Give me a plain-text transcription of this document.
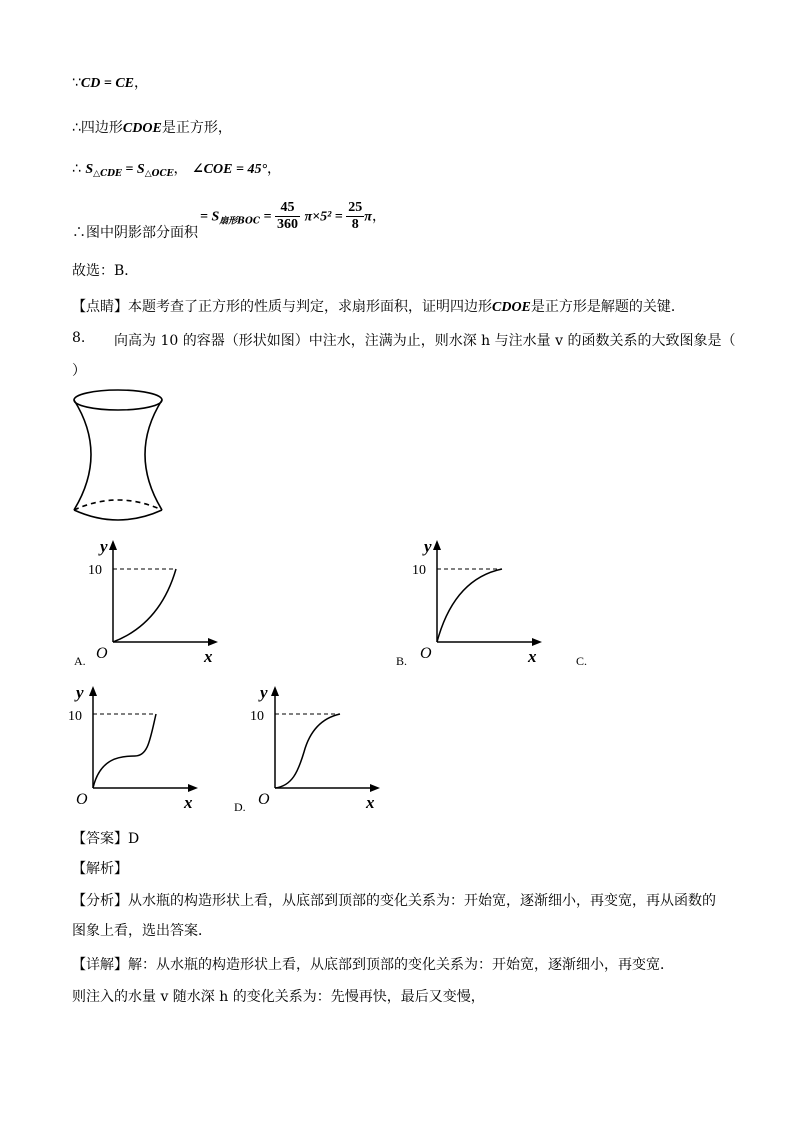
∵CD = CE，
∴四边形CDOE是正方形，
∴ $S_{\triangle CDE} = S_{\triangle OCE}$， ∠COE = 45°，
∴图中阴影部分面积
= $S_{扇形BOC} = \frac{45}{360} \pi\times 5^2 = \frac{25}{8}$ π，
故选：B．
【点睛】本题考查了正方形的性质与判定，求扇形面积，证明四边形CDOE是正方形是解题的关键．
8. 向高为 10 的容器（形状如图）中注水，注满为止，则水深 h 与注水量 v 的函数关系的大致图象是（
）
y
10
O	x
A.
y
10
O	x
B.	C.
y
10
O	x
y
10
O	x
D.
【答案】D
【解析】
【分析】从水瓶的构造形状上看，从底部到顶部的变化关系为：开始宽，逐渐细小，再变宽，再从函数的
图象上看，选出答案．
【详解】解：从水瓶的构造形状上看，从底部到顶部的变化关系为：开始宽，逐渐细小，再变宽．
则注入的水量 v 随水深 h 的变化关系为：先慢再快，最后又变慢，
